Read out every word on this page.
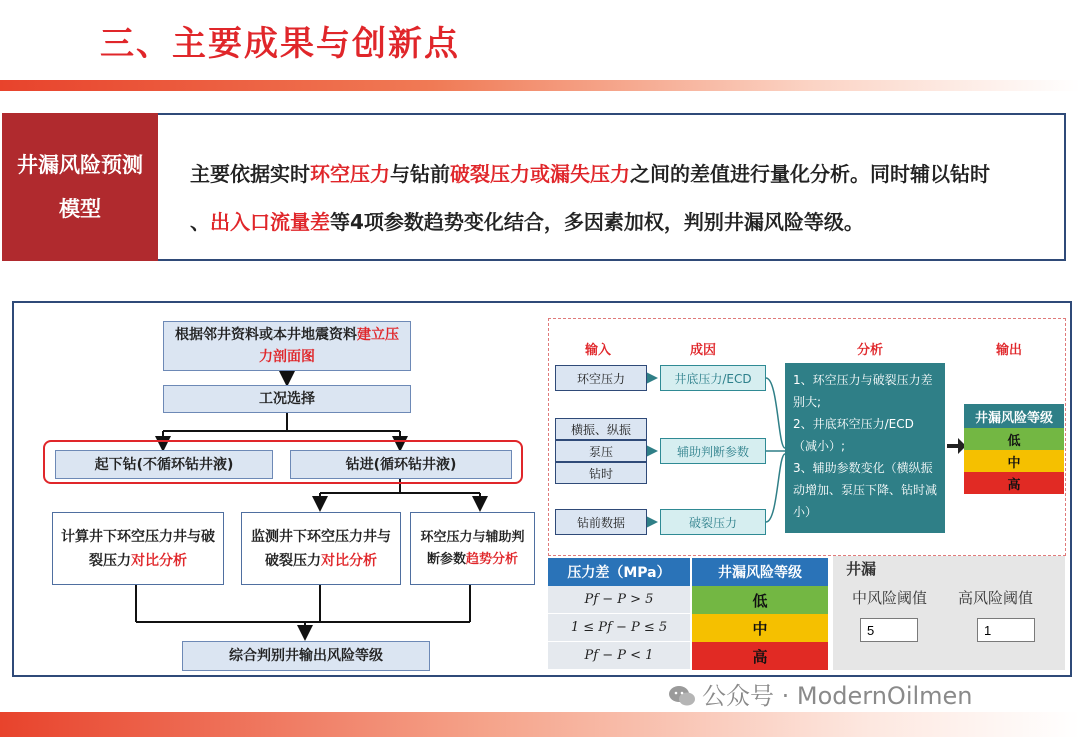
三、主要成果与创新点
井漏风险预测模型
主要依据实时环空压力与钻前破裂压力或漏失压力之间的差值进行量化分析。同时辅以钻时
、出入口流量差等4项参数趋势变化结合，多因素加权，判别井漏风险等级。
根据邻井资料或本井地震资料建立压力剖面图
工况选择
起下钻(不循环钻井液)	钻进(循环钻井液)
计算井下环空压力井与破裂压力对比分析
监测井下环空压力井与破裂压力对比分析
环空压力与辅助判断参数趋势分析
综合判别井输出风险等级
输入	成因	分析	输出
环空压力
横振、纵振
泵压
钻时
钻前数据
井底压力/ECD
辅助判断参数
破裂压力
1、环空压力与破裂压力差别大;
2、井底环空压力/ECD（减小）;
3、辅助参数变化（横纵振动增加、泵压下降、钻时减小）
井漏风险等级
低
中
高
压力差（MPa）	井漏风险等级
Pf − P > 5	低
1 ≤ Pf − P ≤ 5	中
Pf − P < 1	高
井漏
中风险阈值 高风险阈值
5
1
公众号 · ModernOilmen
